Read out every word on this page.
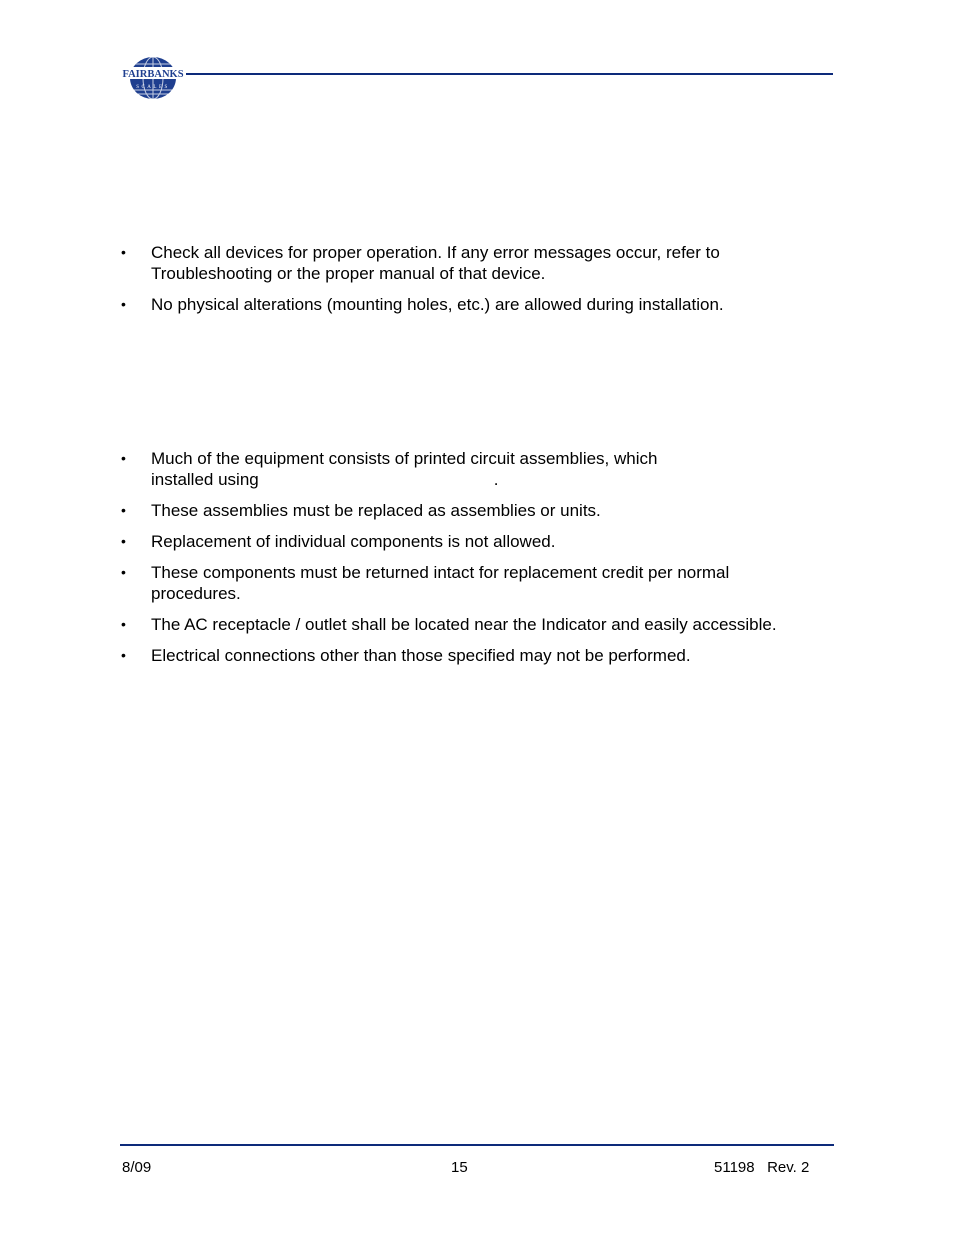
FAIRBANKS
SCALES
• Check all devices for proper operation. If any error messages occur, refer to Troubleshooting or the proper manual of that device.
• No physical alterations (mounting holes, etc.) are allowed during installation.
• Much of the equipment consists of printed circuit assemblies, which
installed using	.
• These assemblies must be replaced as assemblies or units.
• Replacement of individual components is not allowed.
• These components must be returned intact for replacement credit per normal procedures.
• The AC receptacle / outlet shall be located near the Indicator and easily accessible.
• Electrical connections other than those specified may not be performed.
8/09	15	51198   Rev. 2
